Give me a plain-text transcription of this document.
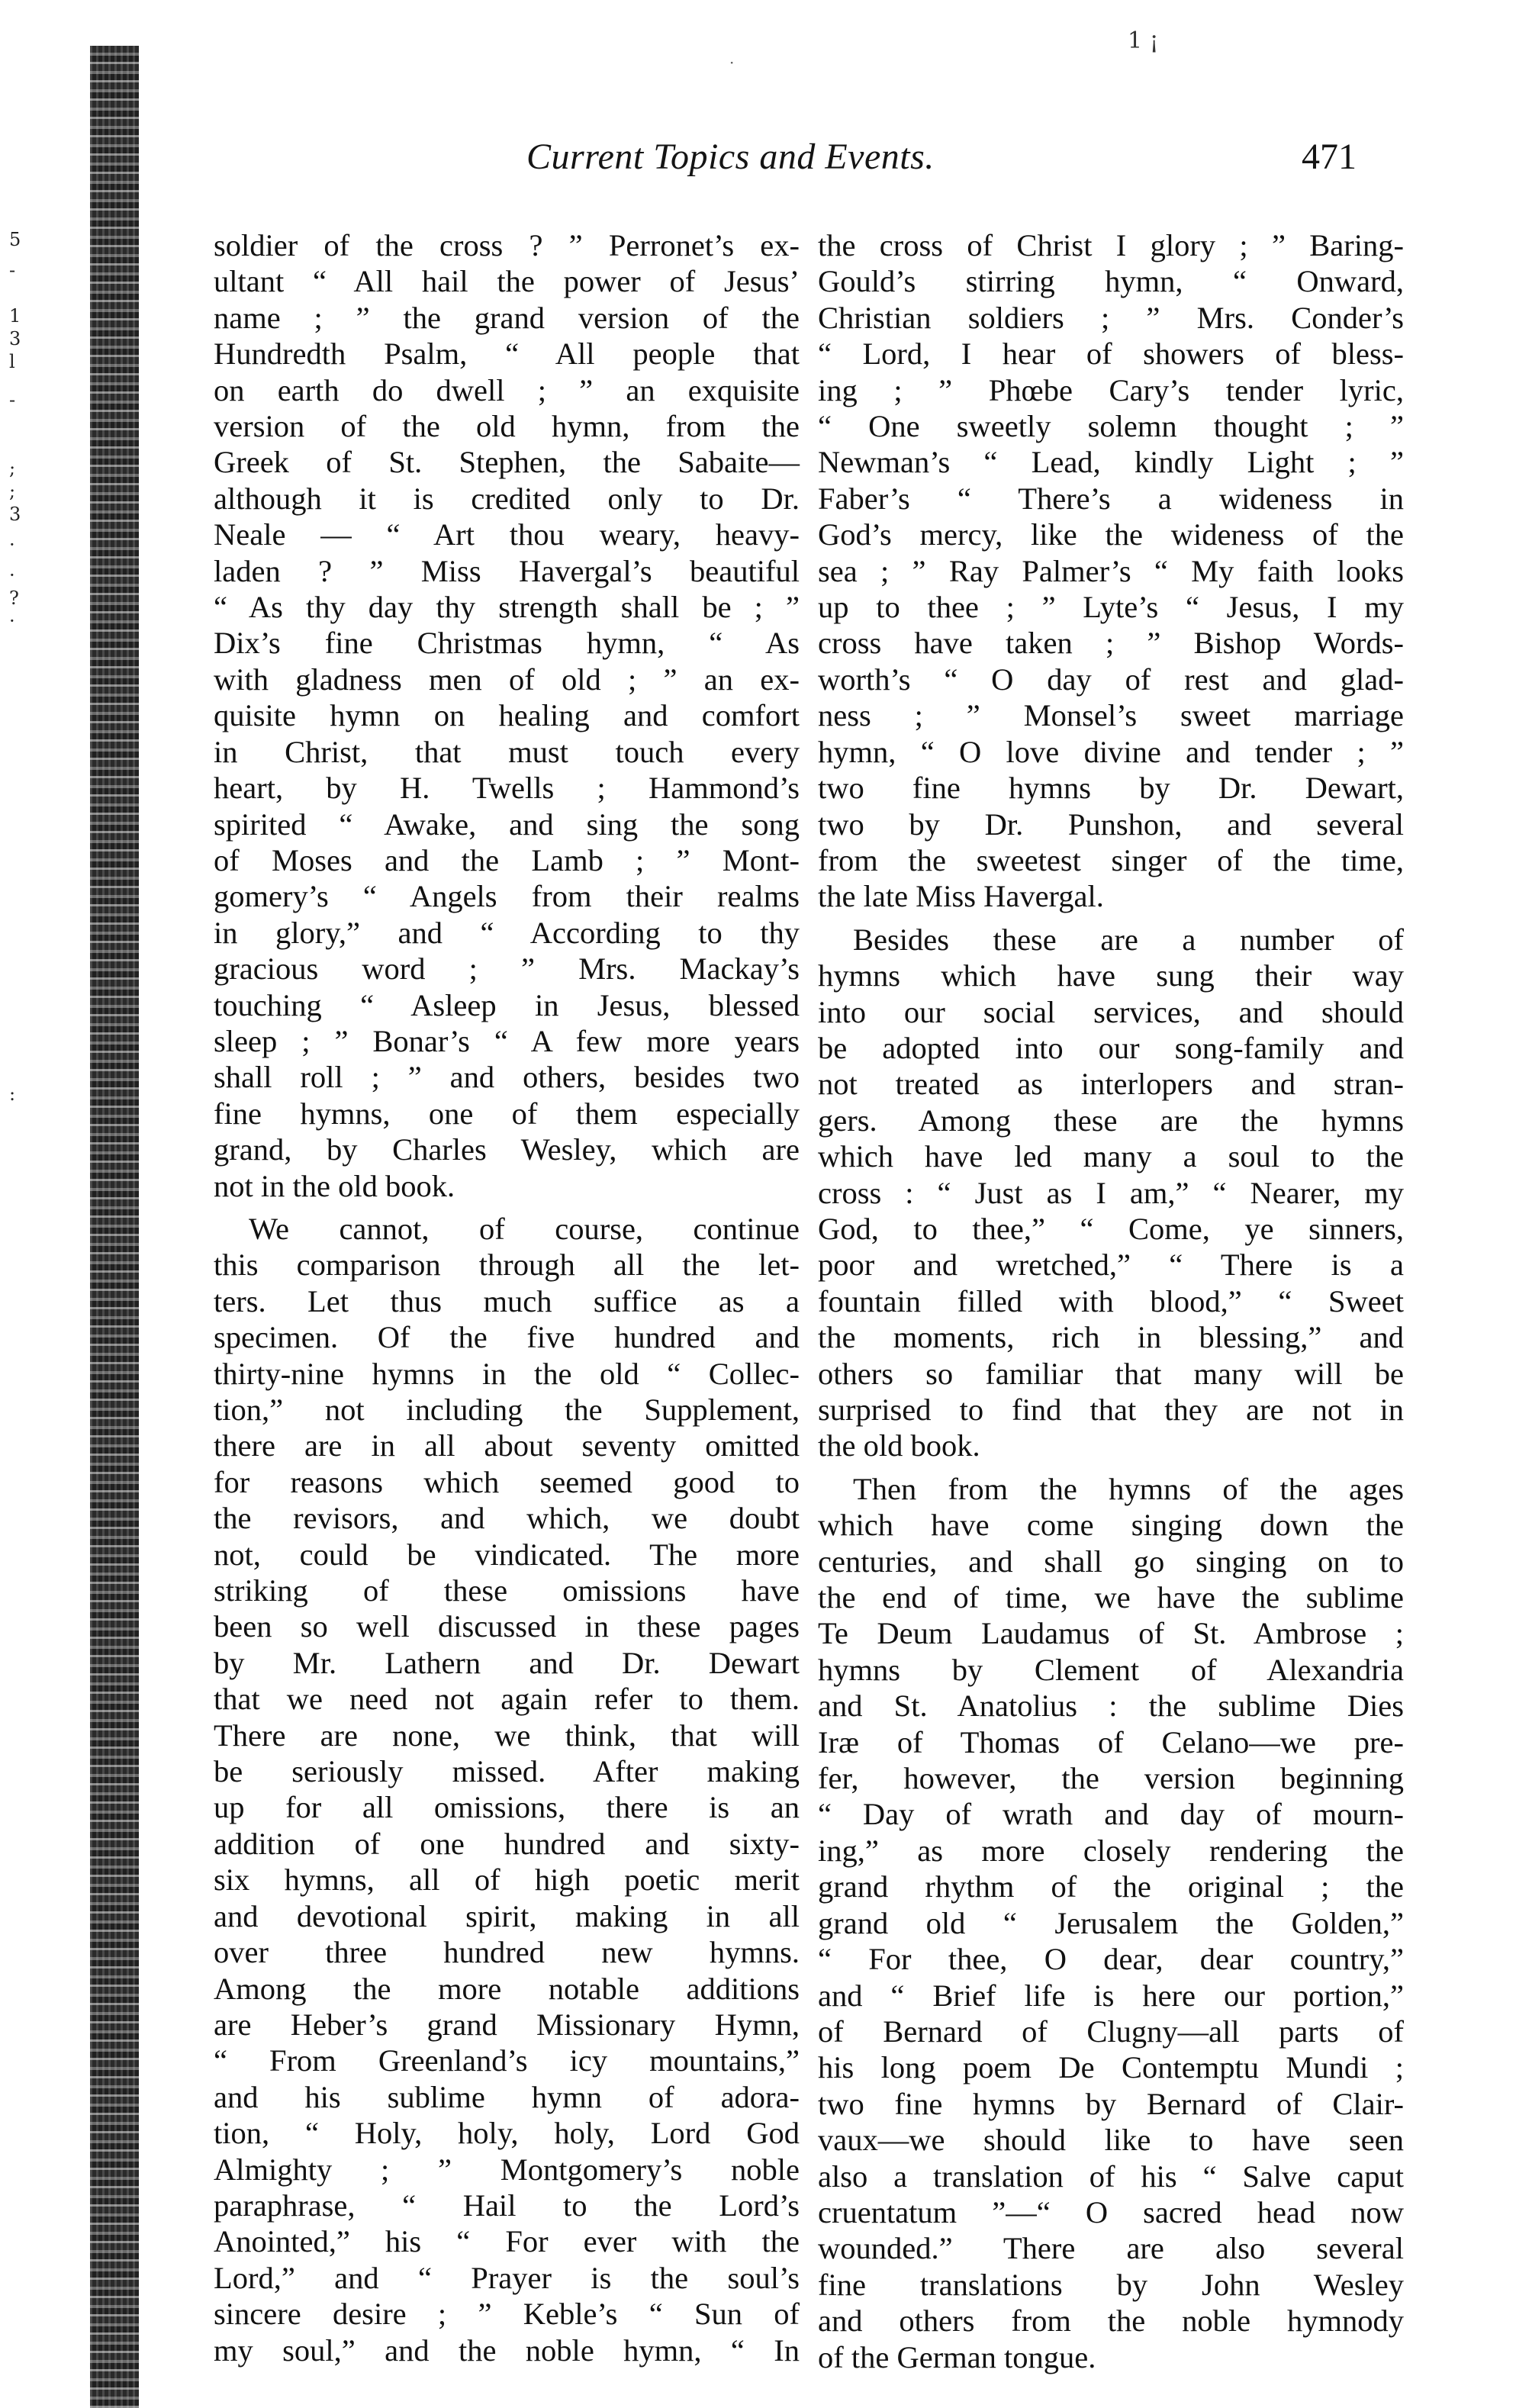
5
-
1
3
l
-
;
;
3
·
·
?
·
:
1 ¡
·
Current Topics and Events.	471
soldier of the cross ? ” Perronet’s ex-
ultant “ All hail the power of Jesus’
name ; ” the grand version of the
Hundredth Psalm, “ All people that
on earth do dwell ; ” an exquisite
version of the old hymn, from the
Greek of St. Stephen, the Sabaite—
although it is credited only to Dr.
Neale — “ Art thou weary, heavy-
laden ? ” Miss Havergal’s beautiful
“ As thy day thy strength shall be ; ”
Dix’s fine Christmas hymn, “ As
with gladness men of old ; ” an ex-
quisite hymn on healing and comfort
in Christ, that must touch every
heart, by H. Twells ; Hammond’s
spirited “ Awake, and sing the song
of Moses and the Lamb ; ” Mont-
gomery’s “ Angels from their realms
in glory,” and “ According to thy
gracious word ; ” Mrs. Mackay’s
touching “ Asleep in Jesus, blessed
sleep ; ” Bonar’s “ A few more years
shall roll ; ” and others, besides two
fine hymns, one of them especially
grand, by Charles Wesley, which are
not in the old book.
We cannot, of course, continue
this comparison through all the let-
ters. Let thus much suffice as a
specimen. Of the five hundred and
thirty-nine hymns in the old “ Collec-
tion,” not including the Supplement,
there are in all about seventy omitted
for reasons which seemed good to
the revisors, and which, we doubt
not, could be vindicated. The more
striking of these omissions have
been so well discussed in these pages
by Mr. Lathern and Dr. Dewart
that we need not again refer to them.
There are none, we think, that will
be seriously missed. After making
up for all omissions, there is an
addition of one hundred and sixty-
six hymns, all of high poetic merit
and devotional spirit, making in all
over three hundred new hymns.
Among the more notable additions
are Heber’s grand Missionary Hymn,
“ From Greenland’s icy mountains,”
and his sublime hymn of adora-
tion, “ Holy, holy, holy, Lord God
Almighty ; ” Montgomery’s noble
paraphrase, “ Hail to the Lord’s
Anointed,” his “ For ever with the
Lord,” and “ Prayer is the soul’s
sincere desire ; ” Keble’s “ Sun of
my soul,” and the noble hymn, “ In
the cross of Christ I glory ; ” Baring-
Gould’s stirring hymn, “ Onward,
Christian soldiers ; ” Mrs. Conder’s
“ Lord, I hear of showers of bless-
ing ; ” Phœbe Cary’s tender lyric,
“ One sweetly solemn thought ; ”
Newman’s “ Lead, kindly Light ; ”
Faber’s “ There’s a wideness in
God’s mercy, like the wideness of the
sea ; ” Ray Palmer’s “ My faith looks
up to thee ; ” Lyte’s “ Jesus, I my
cross have taken ; ” Bishop Words-
worth’s “ O day of rest and glad-
ness ; ” Monsel’s sweet marriage
hymn, “ O love divine and tender ; ”
two fine hymns by Dr. Dewart,
two by Dr. Punshon, and several
from the sweetest singer of the time,
the late Miss Havergal.
Besides these are a number of
hymns which have sung their way
into our social services, and should
be adopted into our song-family and
not treated as interlopers and stran-
gers. Among these are the hymns
which have led many a soul to the
cross : “ Just as I am,” “ Nearer, my
God, to thee,” “ Come, ye sinners,
poor and wretched,” “ There is a
fountain filled with blood,” “ Sweet
the moments, rich in blessing,” and
others so familiar that many will be
surprised to find that they are not in
the old book.
Then from the hymns of the ages
which have come singing down the
centuries, and shall go singing on to
the end of time, we have the sublime
Te Deum Laudamus of St. Ambrose ;
hymns by Clement of Alexandria
and St. Anatolius : the sublime Dies
Iræ of Thomas of Celano—we pre-
fer, however, the version beginning
“ Day of wrath and day of mourn-
ing,” as more closely rendering the
grand rhythm of the original ; the
grand old “ Jerusalem the Golden,”
“ For thee, O dear, dear country,”
and “ Brief life is here our portion,”
of Bernard of Clugny—all parts of
his long poem De Contemptu Mundi ;
two fine hymns by Bernard of Clair-
vaux—we should like to have seen
also a translation of his “ Salve caput
cruentatum ”—“ O sacred head now
wounded.” There are also several
fine translations by John Wesley
and others from the noble hymnody
of the German tongue.
